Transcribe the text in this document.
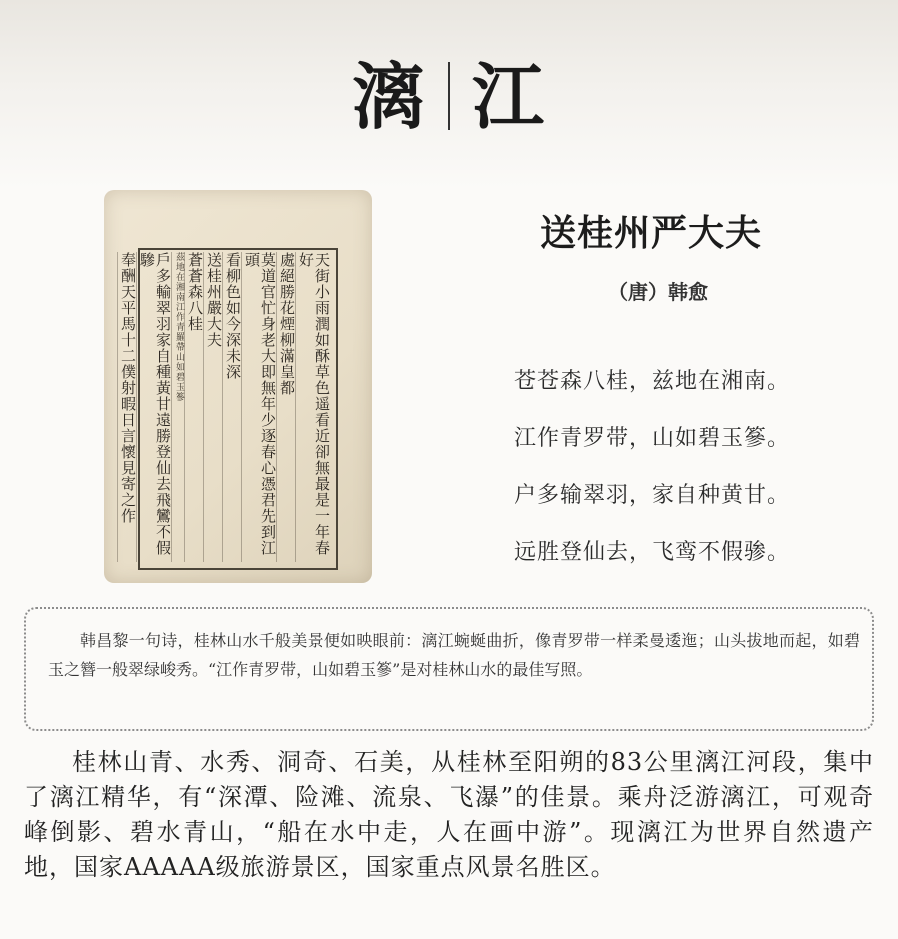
漓 江
天街小雨潤如酥草色遥看近卻無最是一年春好
處絕勝花煙柳滿皇都
莫道官忙身老大即無年少逐春心憑君先到江頭
看柳色如今深未深
送桂州嚴大夫
蒼蒼森八桂
茲地在湘南江作青羅帶山如碧玉篸
戶多輸翠羽家自種黃甘遠勝登仙去飛鸞不假驂
奉酬天平馬十二僕射暇日言懷見寄之作
送桂州严大夫
（唐）韩愈
苍苍森八桂，兹地在湘南。
江作青罗带，山如碧玉篸。
户多输翠羽，家自种黄甘。
远胜登仙去，飞鸾不假骖。
韩昌黎一句诗，桂林山水千般美景便如映眼前：漓江蜿蜒曲折，像青罗带一样柔曼逶迤；山头拔地而起，如碧玉之簪一般翠绿峻秀。“江作青罗带，山如碧玉篸”是对桂林山水的最佳写照。
桂林山青、水秀、洞奇、石美，从桂林至阳朔的83公里漓江河段，集中了漓江精华，有“深潭、险滩、流泉、飞瀑”的佳景。乘舟泛游漓江，可观奇峰倒影、碧水青山，“船在水中走，人在画中游”。现漓江为世界自然遗产地，国家AAAAA级旅游景区，国家重点风景名胜区。
